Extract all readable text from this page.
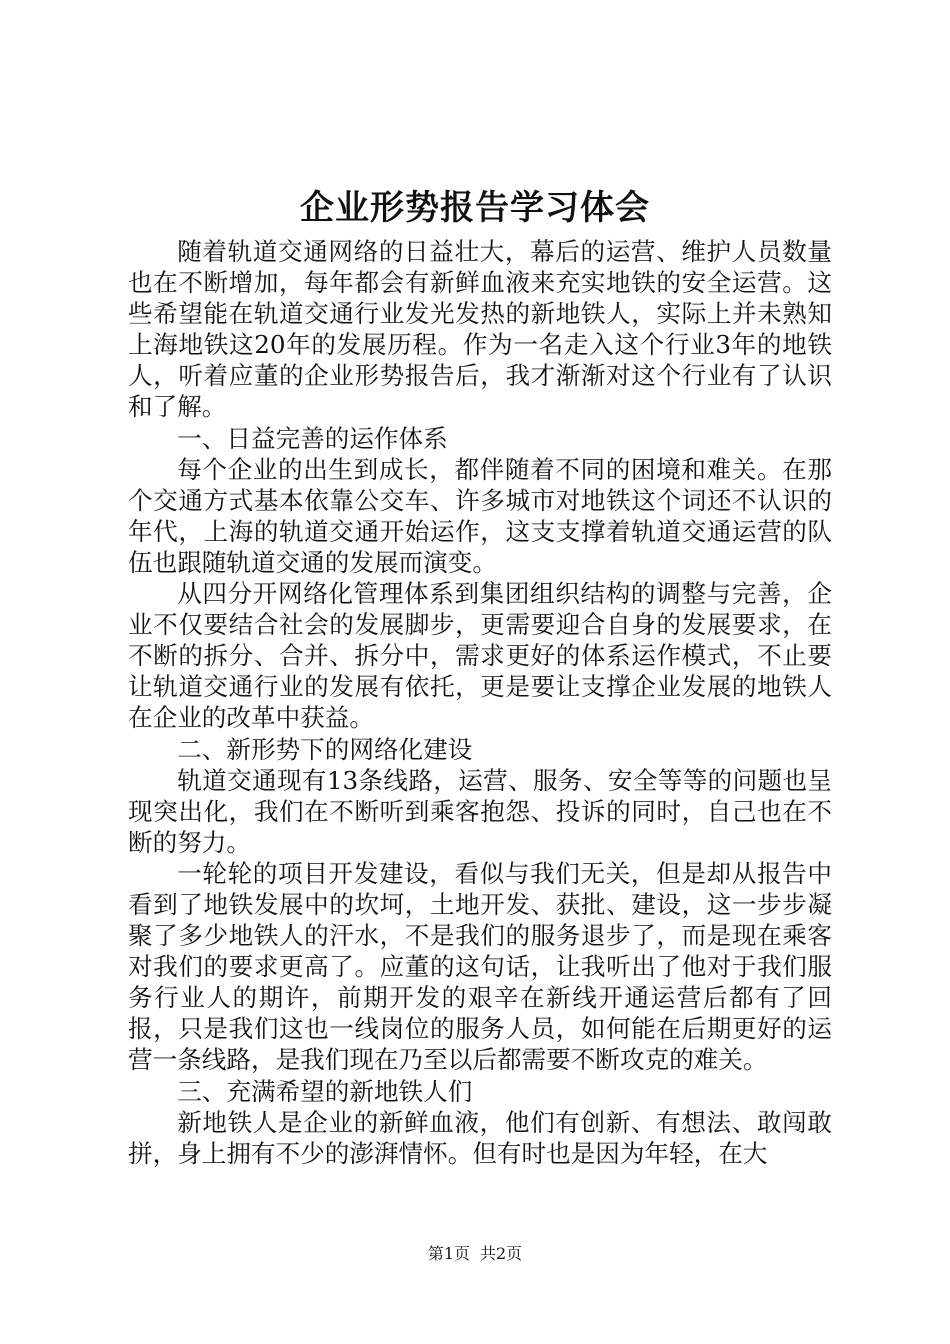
企业形势报告学习体会

随着轨道交通网络的日益壮大，幕后的运营、维护人员数量也在不断增加，每年都会有新鲜血液来充实地铁的安全运营。这些希望能在轨道交通行业发光发热的新地铁人，实际上并未熟知上海地铁这20年的发展历程。作为一名走入这个行业3年的地铁人，听着应董的企业形势报告后，我才渐渐对这个行业有了认识和了解。

一、日益完善的运作体系

每个企业的出生到成长，都伴随着不同的困境和难关。在那个交通方式基本依靠公交车、许多城市对地铁这个词还不认识的年代，上海的轨道交通开始运作，这支支撑着轨道交通运营的队伍也跟随轨道交通的发展而演变。

从四分开网络化管理体系到集团组织结构的调整与完善，企业不仅要结合社会的发展脚步，更需要迎合自身的发展要求，在不断的拆分、合并、拆分中，需求更好的体系运作模式，不止要让轨道交通行业的发展有依托，更是要让支撑企业发展的地铁人在企业的改革中获益。

二、新形势下的网络化建设

轨道交通现有13条线路，运营、服务、安全等等的问题也呈现突出化，我们在不断听到乘客抱怨、投诉的同时，自己也在不断的努力。

一轮轮的项目开发建设，看似与我们无关，但是却从报告中看到了地铁发展中的坎坷，土地开发、获批、建设，这一步步凝聚了多少地铁人的汗水，不是我们的服务退步了，而是现在乘客对我们的要求更高了。应董的这句话，让我听出了他对于我们服务行业人的期许，前期开发的艰辛在新线开通运营后都有了回报，只是我们这也一线岗位的服务人员，如何能在后期更好的运营一条线路，是我们现在乃至以后都需要不断攻克的难关。

三、充满希望的新地铁人们

新地铁人是企业的新鲜血液，他们有创新、有想法、敢闯敢拼，身上拥有不少的澎湃情怀。但有时也是因为年轻，在大

第1页 共2页
